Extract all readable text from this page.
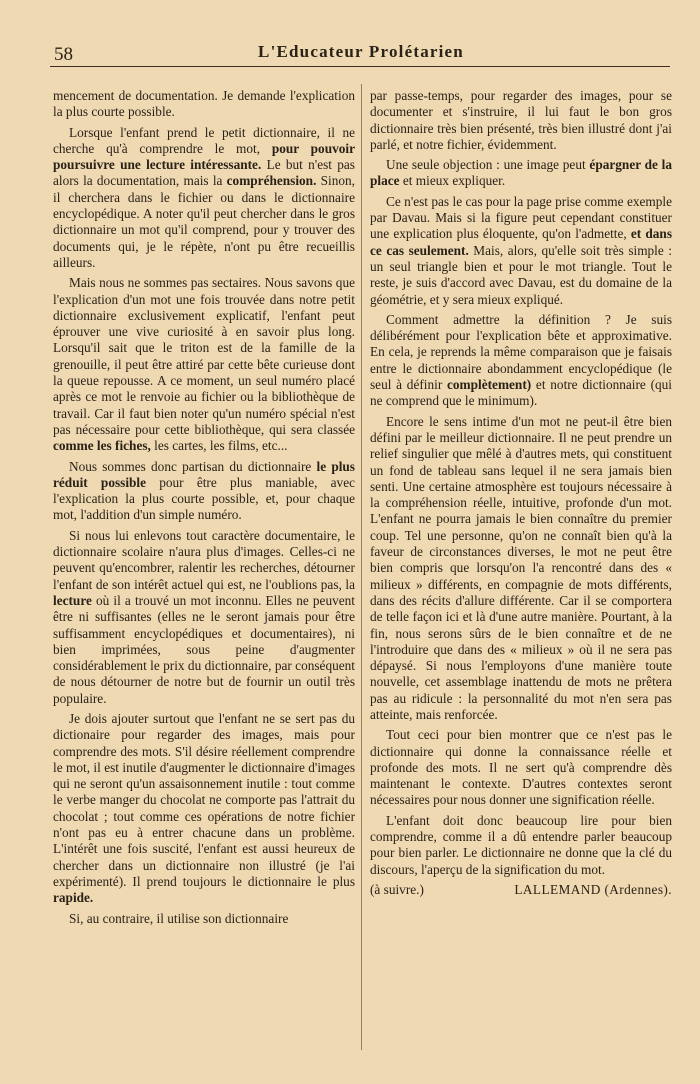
58	L'Educateur Prolétarien

mencement de documentation. Je demande l'explication la plus courte possible.

Lorsque l'enfant prend le petit dictionnaire, il ne cherche qu'à comprendre le mot, pour pouvoir poursuivre une lecture intéressante. Le but n'est pas alors la documentation, mais la compréhension. Sinon, il cherchera dans le fichier ou dans le dictionnaire encyclopédique. A noter qu'il peut chercher dans le gros dictionnaire un mot qu'il comprend, pour y trouver des documents qui, je le répète, n'ont pu être recueillis ailleurs.

Mais nous ne sommes pas sectaires. Nous savons que l'explication d'un mot une fois trouvée dans notre petit dictionnaire exclusivement explicatif, l'enfant peut éprouver une vive curiosité à en savoir plus long. Lorsqu'il sait que le triton est de la famille de la grenouille, il peut être attiré par cette bête curieuse dont la queue repousse. A ce moment, un seul numéro placé après ce mot le renvoie au fichier ou la bibliothèque de travail. Car il faut bien noter qu'un numéro spécial n'est pas nécessaire pour cette bibliothèque, qui sera classée comme les fiches, les cartes, les films, etc...

Nous sommes donc partisan du dictionnaire le plus réduit possible pour être plus maniable, avec l'explication la plus courte possible, et, pour chaque mot, l'addition d'un simple numéro.

Si nous lui enlevons tout caractère documentaire, le dictionnaire scolaire n'aura plus d'images. Celles-ci ne peuvent qu'encombrer, ralentir les recherches, détourner l'enfant de son intérêt actuel qui est, ne l'oublions pas, la lecture où il a trouvé un mot inconnu. Elles ne peuvent être ni suffisantes (elles ne le seront jamais pour être suffisamment encyclopédiques et documentaires), ni bien imprimées, sous peine d'augmenter considérablement le prix du dictionnaire, par conséquent de nous détourner de notre but de fournir un outil très populaire.

Je dois ajouter surtout que l'enfant ne se sert pas du dictionaire pour regarder des images, mais pour comprendre des mots. S'il désire réellement comprendre le mot, il est inutile d'augmenter le dictionnaire d'images qui ne seront qu'un assaisonnement inutile : tout comme le verbe manger du chocolat ne comporte pas l'attrait du chocolat ; tout comme ces opérations de notre fichier n'ont pas eu à entrer chacune dans un problème. L'intérêt une fois suscité, l'enfant est aussi heureux de chercher dans un dictionnaire non illustré (je l'ai expérimenté). Il prend toujours le dictionnaire le plus rapide.

Si, au contraire, il utilise son dictionnaire

par passe-temps, pour regarder des images, pour se documenter et s'instruire, il lui faut le bon gros dictionnaire très bien présenté, très bien illustré dont j'ai parlé, et notre fichier, évidemment.

Une seule objection : une image peut épargner de la place et mieux expliquer.

Ce n'est pas le cas pour la page prise comme exemple par Davau. Mais si la figure peut cependant constituer une explication plus éloquente, qu'on l'admette, et dans ce cas seulement. Mais, alors, qu'elle soit très simple : un seul triangle bien et pour le mot triangle. Tout le reste, je suis d'accord avec Davau, est du domaine de la géométrie, et y sera mieux expliqué.

Comment admettre la définition ? Je suis délibérément pour l'explication bête et approximative. En cela, je reprends la même comparaison que je faisais entre le dictionnaire abondamment encyclopédique (le seul à définir complètement) et notre dictionnaire (qui ne comprend que le minimum).

Encore le sens intime d'un mot ne peut-il être bien défini par le meilleur dictionnaire. Il ne peut prendre un relief singulier que mêlé à d'autres mets, qui constituent un fond de tableau sans lequel il ne sera jamais bien senti. Une certaine atmosphère est toujours nécessaire à la compréhension réelle, intuitive, profonde d'un mot. L'enfant ne pourra jamais le bien connaître du premier coup. Tel une personne, qu'on ne connaît bien qu'à la faveur de circonstances diverses, le mot ne peut être bien compris que lorsqu'on l'a rencontré dans des « milieux » différents, en compagnie de mots différents, dans des récits d'allure différente. Car il se comportera de telle façon ici et là d'une autre manière. Pourtant, à la fin, nous serons sûrs de le bien connaître et de ne l'introduire que dans des « milieux » où il ne sera pas dépaysé. Si nous l'employons d'une manière toute nouvelle, cet assemblage inattendu de mots ne prêtera pas au ridicule : la personnalité du mot n'en sera pas atteinte, mais renforcée.

Tout ceci pour bien montrer que ce n'est pas le dictionnaire qui donne la connaissance réelle et profonde des mots. Il ne sert qu'à comprendre dès maintenant le contexte. D'autres contextes seront nécessaires pour nous donner une signification réelle.

L'enfant doit donc beaucoup lire pour bien comprendre, comme il a dû entendre parler beaucoup pour bien parler. Le dictionnaire ne donne que la clé du discours, l'aperçu de la signification du mot.

(à suivre.)	LALLEMAND (Ardennes).
